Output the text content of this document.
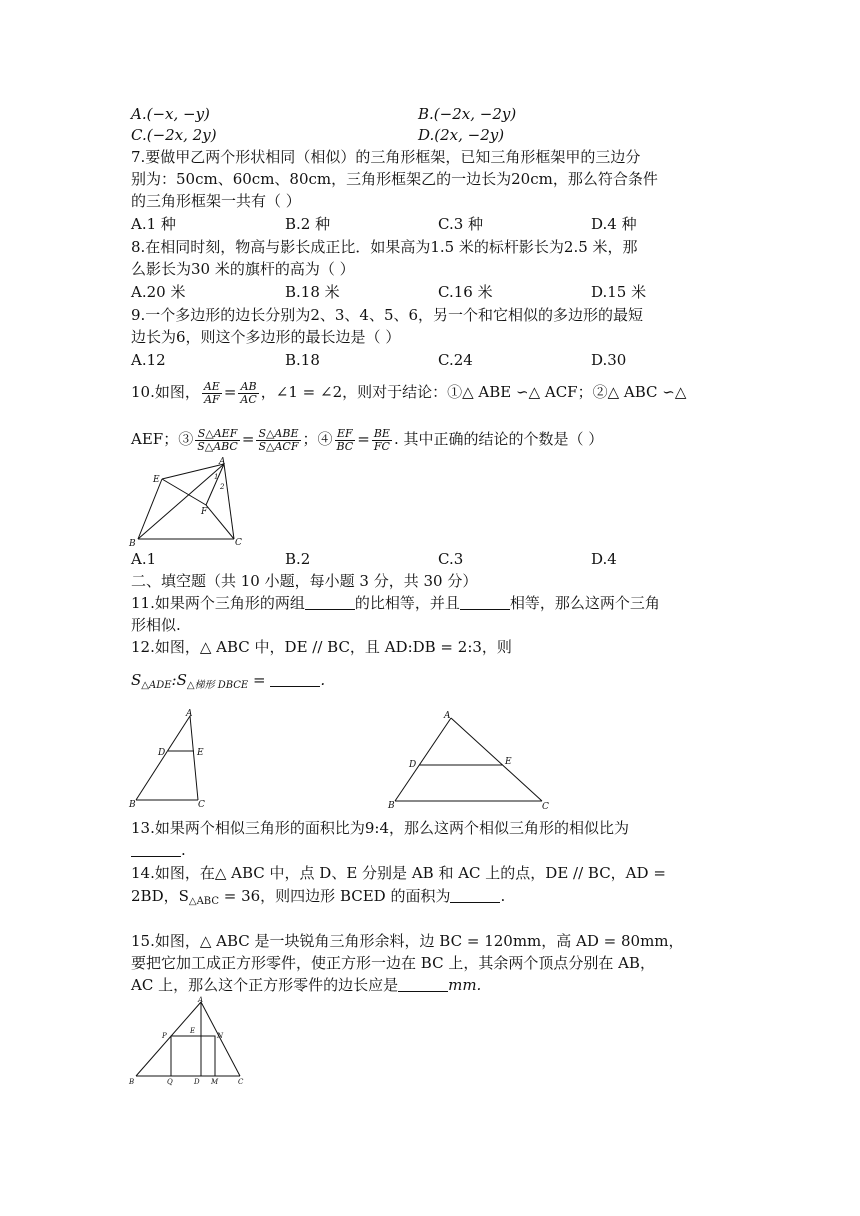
A.(−x, −y)	B.(−2x, −2y)
C.(−2x, 2y)	D.(2x, −2y)
7.要做甲乙两个形状相同（相似）的三角形框架，已知三角形框架甲的三边分
别为：50cm、60cm、80cm，三角形框架乙的一边长为20cm，那么符合条件
的三角形框架一共有（ ）
A.1 种	B.2 种	C.3 种	D.4 种
8.在相同时刻，物高与影长成正比．如果高为1.5 米的标杆影长为2.5 米，那
么影长为30 米的旗杆的高为（ ）
A.20 米	B.18 米	C.16 米	D.15 米
9.一个多边形的边长分别为2、3、4、5、6，另一个和它相似的多边形的最短
边长为6，则这个多边形的最长边是（ ）
A.12	B.18	C.24	D.30
10.如图， $\frac{AE}{AF} = \frac{AB}{AC}$ ，∠1 = ∠2，则对于结论：①△ ABE ∽△ ACF；②△ ABC ∽△
AEF；③ $\frac{\text{S△AEF}}{\text{S△ABC}} = \frac{\text{S△ABE}}{\text{S△ACF}}$ ；④ $\frac{EF}{BC} = \frac{BE}{FC}$ . 其中正确的结论的个数是（ ）
A
B	C
E
F
1
2
A.1	B.2	C.3	D.4
二、填空题（共 10 小题，每小题 3 分，共 30 分）
11.如果两个三角形的两组	的比相等，并且	相等，那么这两个三角
形相似.
12.如图，△ ABC 中，DE // BC，且 AD:DB = 2:3，则
$S_{\triangle ADE}:S_{\triangle 梯形 DBCE}$ =	.
A
D	E
B	C
A
D	E
B	C
13.如果两个相似三角形的面积比为9:4，那么这两个相似三角形的相似比为
.
14.如图，在△ ABC 中，点 D、E 分别是 AB 和 AC 上的点，DE // BC，AD =
2BD，$S_{\triangle ABC} = 36$，则四边形 BCED 的面积为	.
15.如图，△ ABC 是一块锐角三角形余料，边 BC = 120mm，高 AD = 80mm，
要把它加工成正方形零件，使正方形一边在 BC 上，其余两个顶点分别在 AB，
AC 上，那么这个正方形零件的边长应是	mm.
A
P
E
N
B	Q	D M	C
